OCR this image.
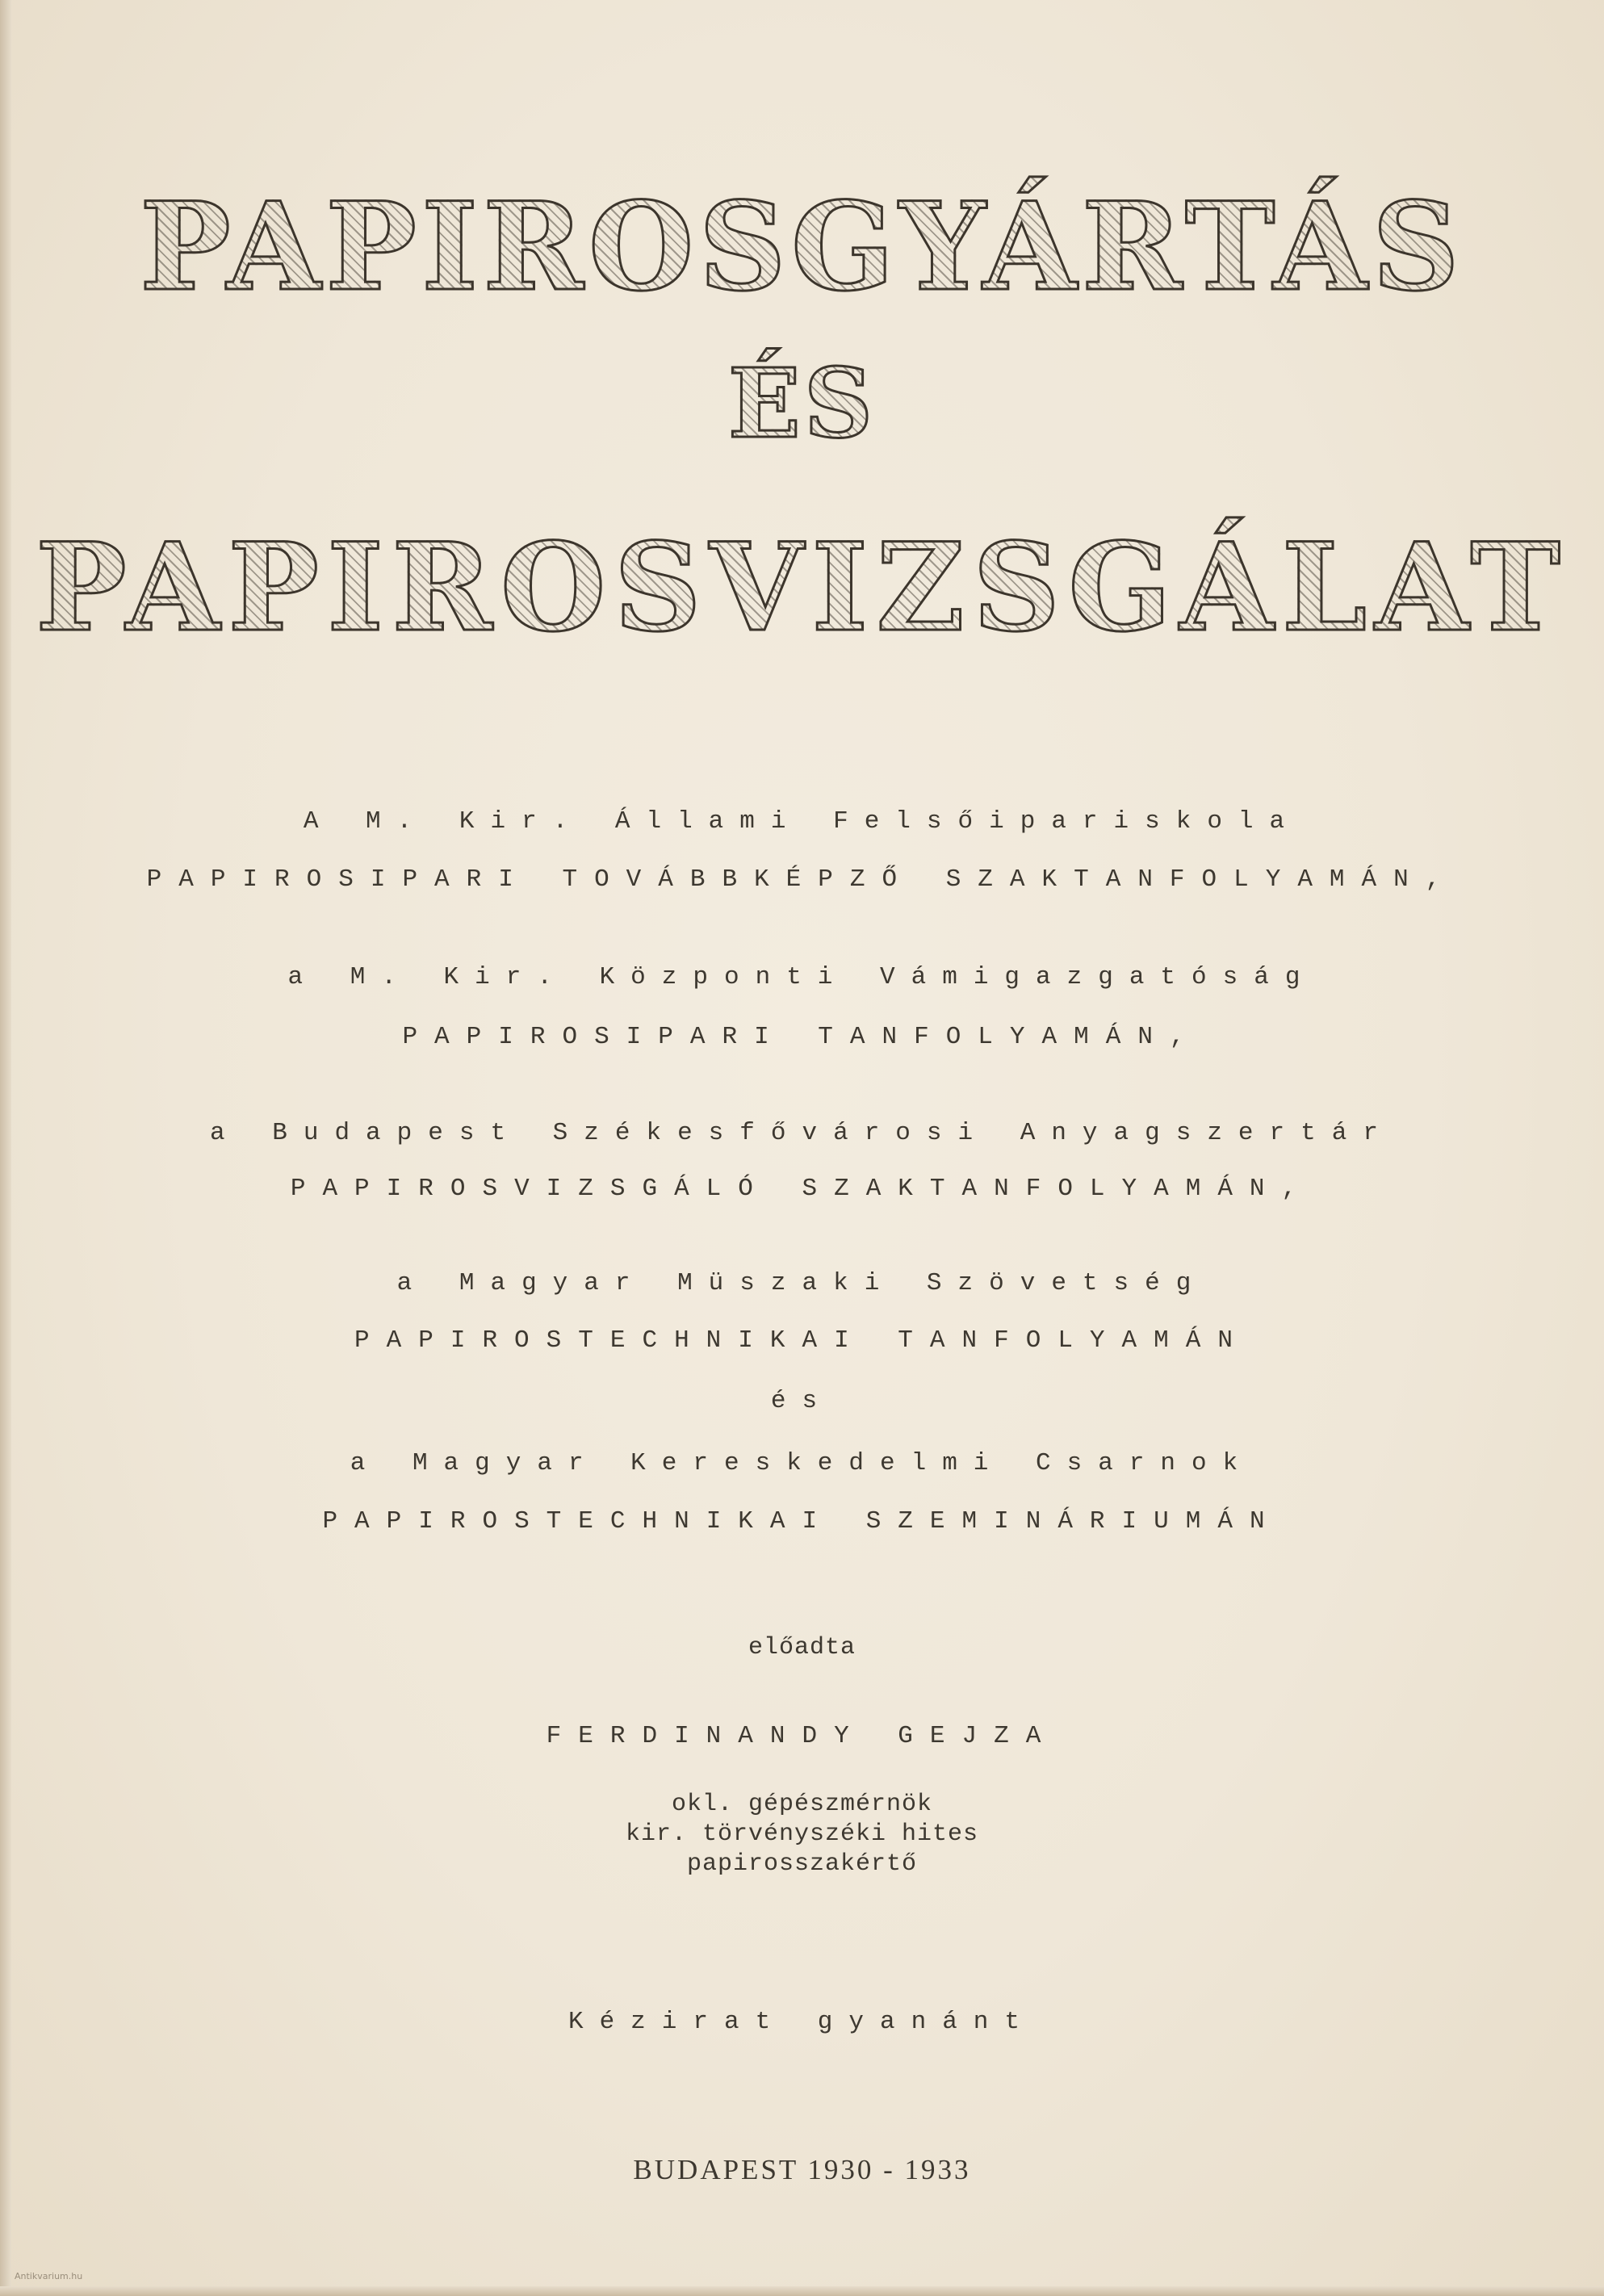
PAPIROSGYÁRTÁS
ÉS
PAPIROSVIZSGÁLAT
A M. Kir. Állami Felsőipariskola
PAPIROSIPARI TOVÁBBKÉPZŐ SZAKTANFOLYAMÁN,
a M. Kir. Központi Vámigazgatóság
PAPIROSIPARI TANFOLYAMÁN,
a Budapest Székesfővárosi Anyagszertár
PAPIROSVIZSGÁLÓ SZAKTANFOLYAMÁN,
a Magyar Müszaki Szövetség
PAPIROSTECHNIKAI TANFOLYAMÁN
és
a Magyar Kereskedelmi Csarnok
PAPIROSTECHNIKAI SZEMINÁRIUMÁN
előadta
FERDINANDY GEJZA
okl. gépészmérnök
kir. törvényszéki hites
papirosszakértő
Kézirat gyanánt
BUDAPEST 1930 - 1933
Antikvarium.hu
